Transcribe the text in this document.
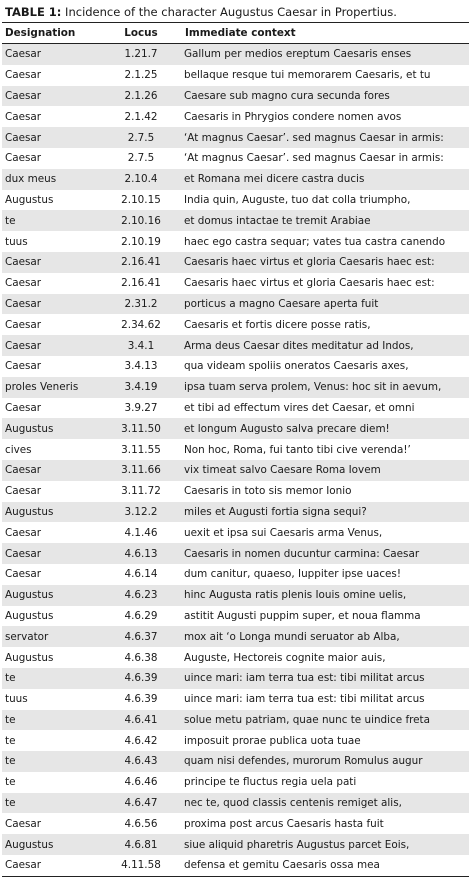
TABLE 1: Incidence of the character Augustus Caesar in Propertius.
Designation	Locus	Immediate context
Caesar	1.21.7	Gallum per medios ereptum Caesaris enses
Caesar	2.1.25	bellaque resque tui memorarem Caesaris, et tu
Caesar	2.1.26	Caesare sub magno cura secunda fores
Caesar	2.1.42	Caesaris in Phrygios condere nomen avos
Caesar	2.7.5	‘At magnus Caesar’. sed magnus Caesar in armis:
Caesar	2.7.5	‘At magnus Caesar’. sed magnus Caesar in armis:
dux meus	2.10.4	et Romana mei dicere castra ducis
Augustus	2.10.15	India quin, Auguste, tuo dat colla triumpho,
te	2.10.16	et domus intactae te tremit Arabiae
tuus	2.10.19	haec ego castra sequar; vates tua castra canendo
Caesar	2.16.41	Caesaris haec virtus et gloria Caesaris haec est:
Caesar	2.16.41	Caesaris haec virtus et gloria Caesaris haec est:
Caesar	2.31.2	porticus a magno Caesare aperta fuit
Caesar	2.34.62	Caesaris et fortis dicere posse ratis,
Caesar	3.4.1	Arma deus Caesar dites meditatur ad Indos,
Caesar	3.4.13	qua videam spoliis oneratos Caesaris axes,
proles Veneris	3.4.19	ipsa tuam serva prolem, Venus: hoc sit in aevum,
Caesar	3.9.27	et tibi ad effectum vires det Caesar, et omni
Augustus	3.11.50	et longum Augusto salva precare diem!
cives	3.11.55	Non hoc, Roma, fui tanto tibi cive verenda!’
Caesar	3.11.66	vix timeat salvo Caesare Roma Iovem
Caesar	3.11.72	Caesaris in toto sis memor Ionio
Augustus	3.12.2	miles et Augusti fortia signa sequi?
Caesar	4.1.46	uexit et ipsa sui Caesaris arma Venus,
Caesar	4.6.13	Caesaris in nomen ducuntur carmina: Caesar
Caesar	4.6.14	dum canitur, quaeso, Iuppiter ipse uaces!
Augustus	4.6.23	hinc Augusta ratis plenis Iouis omine uelis,
Augustus	4.6.29	astitit Augusti puppim super, et noua flamma
servator	4.6.37	mox ait ‘o Longa mundi seruator ab Alba,
Augustus	4.6.38	Auguste, Hectoreis cognite maior auis,
te	4.6.39	uince mari: iam terra tua est: tibi militat arcus
tuus	4.6.39	uince mari: iam terra tua est: tibi militat arcus
te	4.6.41	solue metu patriam, quae nunc te uindice freta
te	4.6.42	imposuit prorae publica uota tuae
te	4.6.43	quam nisi defendes, murorum Romulus augur
te	4.6.46	principe te fluctus regia uela pati
te	4.6.47	nec te, quod classis centenis remiget alis,
Caesar	4.6.56	proxima post arcus Caesaris hasta fuit
Augustus	4.6.81	siue aliquid pharetris Augustus parcet Eois,
Caesar	4.11.58	defensa et gemitu Caesaris ossa mea
